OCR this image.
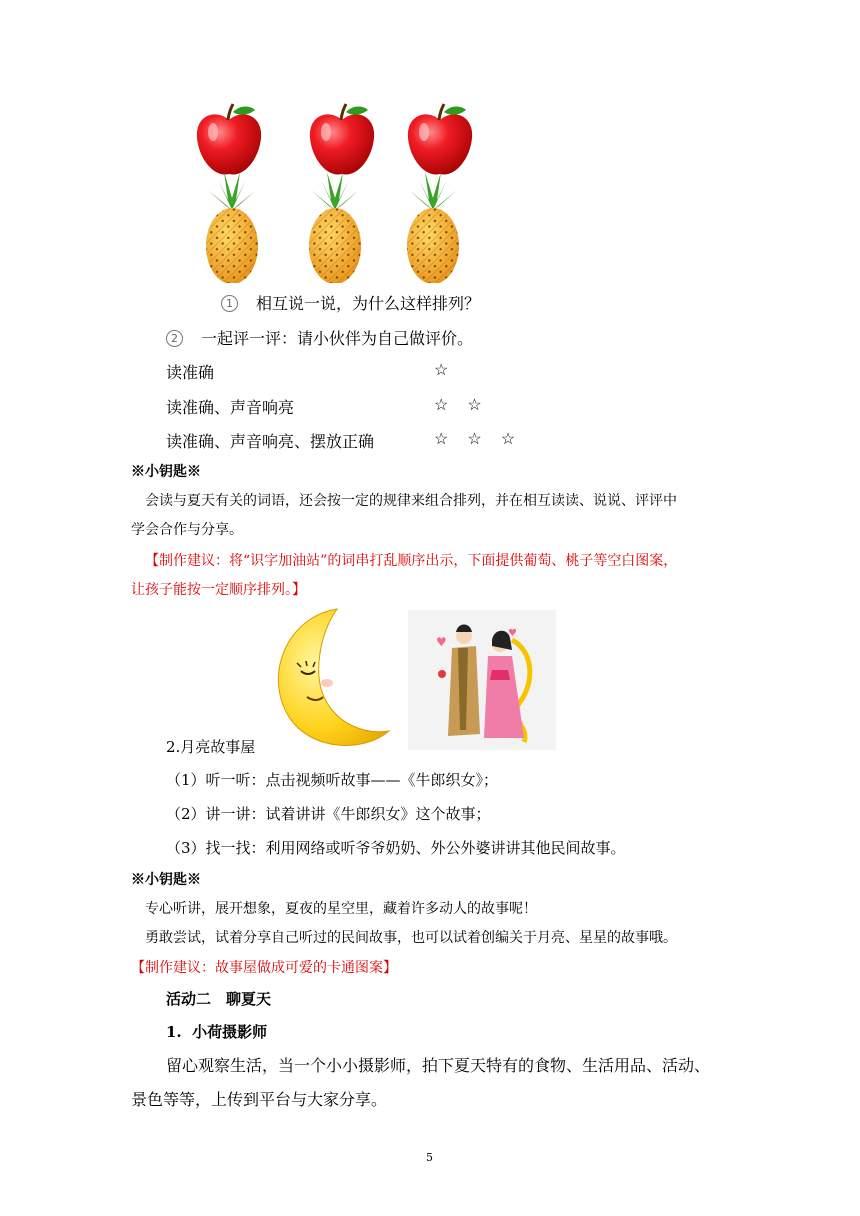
1 相互说一说，为什么这样排列？
2 一起评一评：请小伙伴为自己做评价。
读准确	☆
读准确、声音响亮	☆ ☆
读准确、声音响亮、摆放正确	☆ ☆ ☆
※小钥匙※
会读与夏天有关的词语，还会按一定的规律来组合排列，并在相互读读、说说、评评中
学会合作与分享。
【制作建议：将“识字加油站”的词串打乱顺序出示，下面提供葡萄、桃子等空白图案，
让孩子能按一定顺序排列。】
♥
♥
2.月亮故事屋
（1）听一听：点击视频听故事——《牛郎织女》；
（2）讲一讲：试着讲讲《牛郎织女》这个故事；
（3）找一找：利用网络或听爷爷奶奶、外公外婆讲讲其他民间故事。
※小钥匙※
专心听讲，展开想象，夏夜的星空里，藏着许多动人的故事呢！
勇敢尝试，试着分享自己听过的民间故事，也可以试着创编关于月亮、星星的故事哦。
【制作建议：故事屋做成可爱的卡通图案】
活动二　聊夏天
1. 小荷摄影师
留心观察生活，当一个小小摄影师，拍下夏天特有的食物、生活用品、活动、
景色等等，上传到平台与大家分享。
5
